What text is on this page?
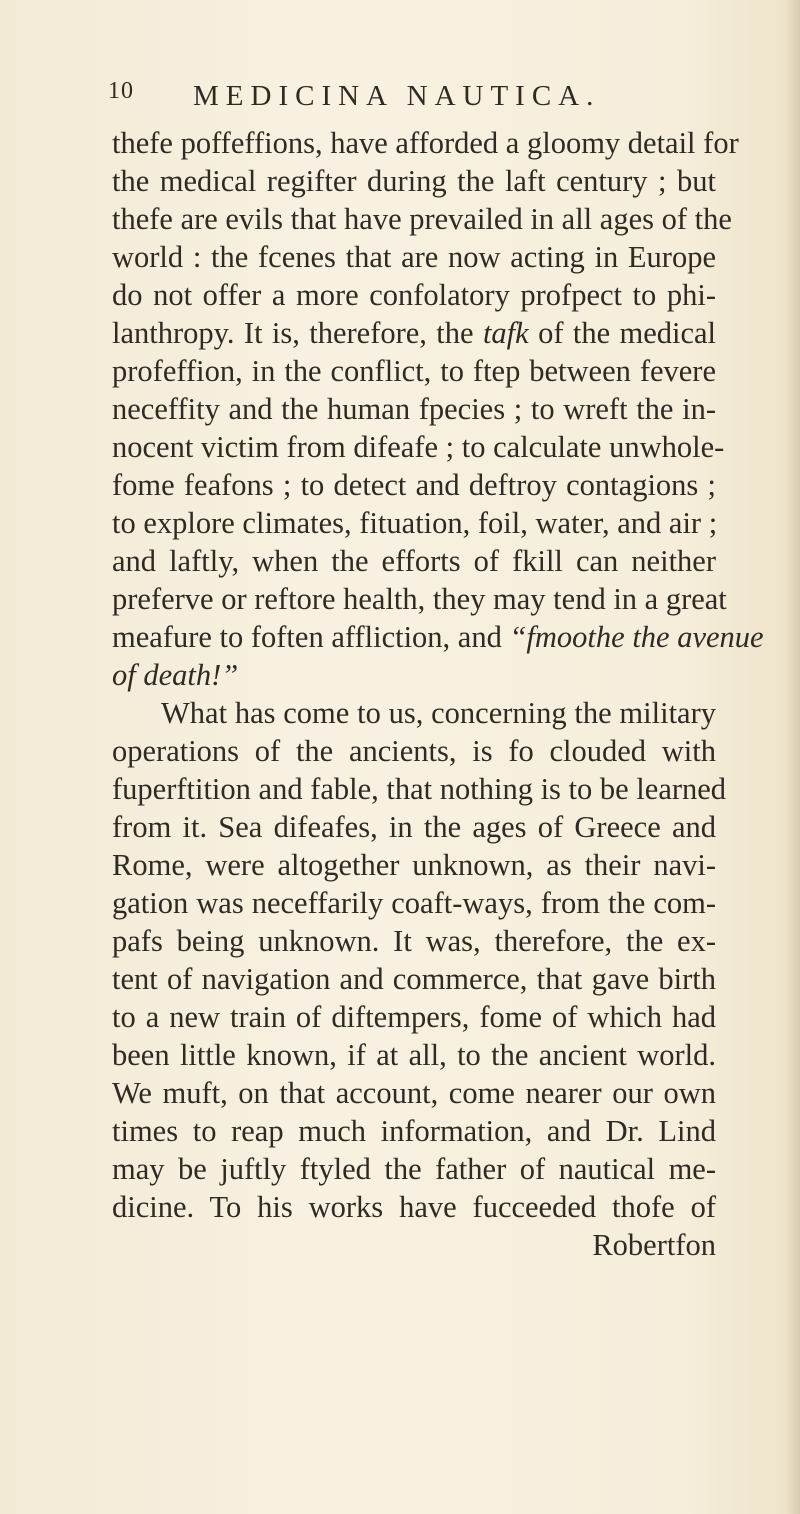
10 MEDICINA NAUTICA.
thefe poffeffions, have afforded a gloomy detail for
the medical regifter during the laft century ; but
thefe are evils that have prevailed in all ages of the
world : the fcenes that are now acting in Europe
do not offer a more confolatory profpect to phi-
lanthropy. It is, therefore, the tafk of the medical
profeffion, in the conflict, to ftep between fevere
neceffity and the human fpecies ; to wreft the in-
nocent victim from difeafe ; to calculate unwhole-
fome feafons ; to detect and deftroy contagions ;
to explore climates, fituation, foil, water, and air ;
and laftly, when the efforts of fkill can neither
preferve or reftore health, they may tend in a great
meafure to foften affliction, and “fmoothe the avenue
of death!”
What has come to us, concerning the military
operations of the ancients, is fo clouded with
fuperftition and fable, that nothing is to be learned
from it. Sea difeafes, in the ages of Greece and
Rome, were altogether unknown, as their navi-
gation was neceffarily coaft-ways, from the com-
pafs being unknown. It was, therefore, the ex-
tent of navigation and commerce, that gave birth
to a new train of diftempers, fome of which had
been little known, if at all, to the ancient world.
We muft, on that account, come nearer our own
times to reap much information, and Dr. Lind
may be juftly ftyled the father of nautical me-
dicine. To his works have fucceeded thofe of
Robertfon
